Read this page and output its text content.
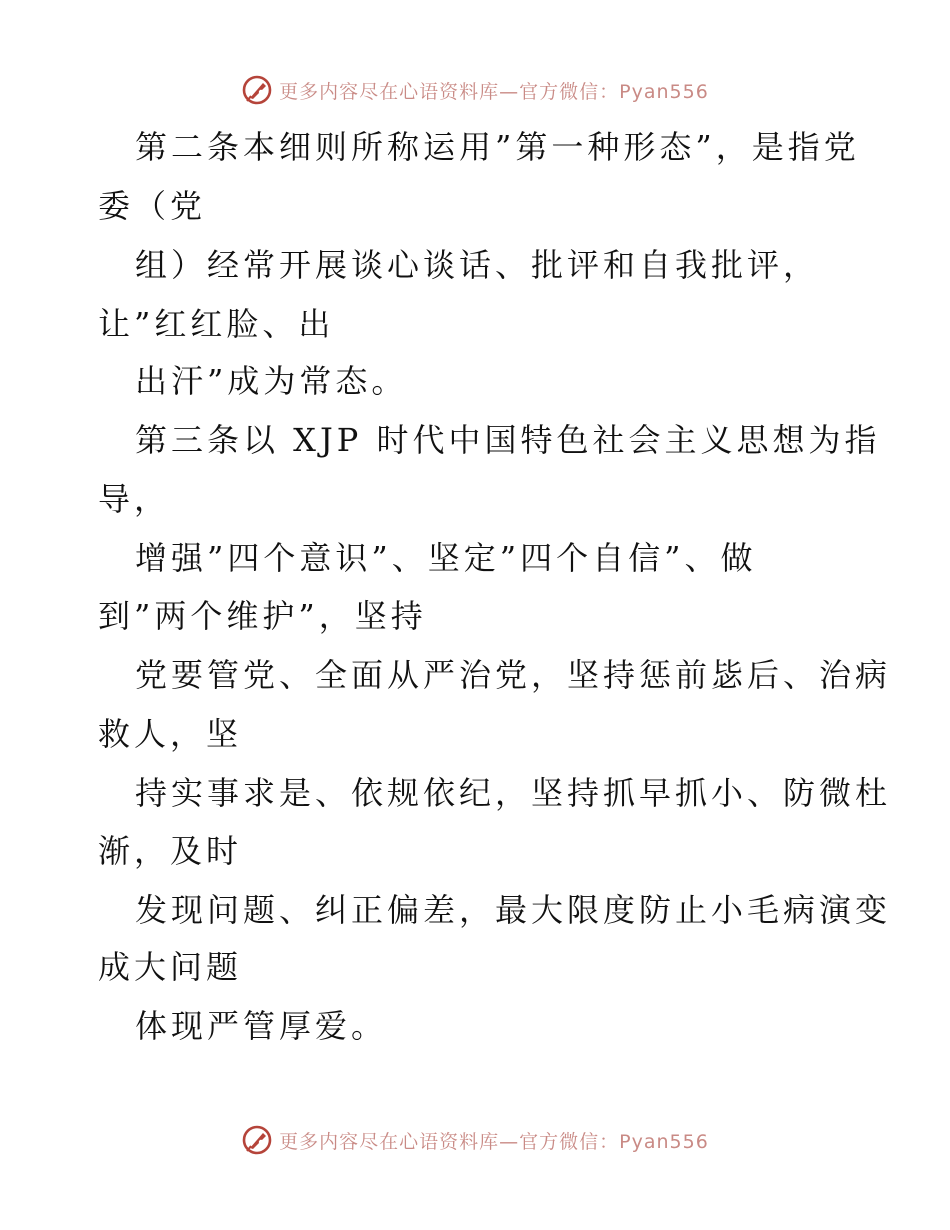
更多内容尽在心语资料库—官方微信：Pyan556
第二条本细则所称运用”第一种形态”，是指党
委（党
组）经常开展谈心谈话、批评和自我批评，
让”红红脸、出
出汗”成为常态。
第三条以 XJP 时代中国特色社会主义思想为指
导，
增强”四个意识”、坚定”四个自信”、做
到”两个维护”，坚持
党要管党、全面从严治党，坚持惩前毖后、治病
救人，坚
持实事求是、依规依纪，坚持抓早抓小、防微杜
渐，及时
发现问题、纠正偏差，最大限度防止小毛病演变
成大问题
体现严管厚爱。
更多内容尽在心语资料库—官方微信：Pyan556
